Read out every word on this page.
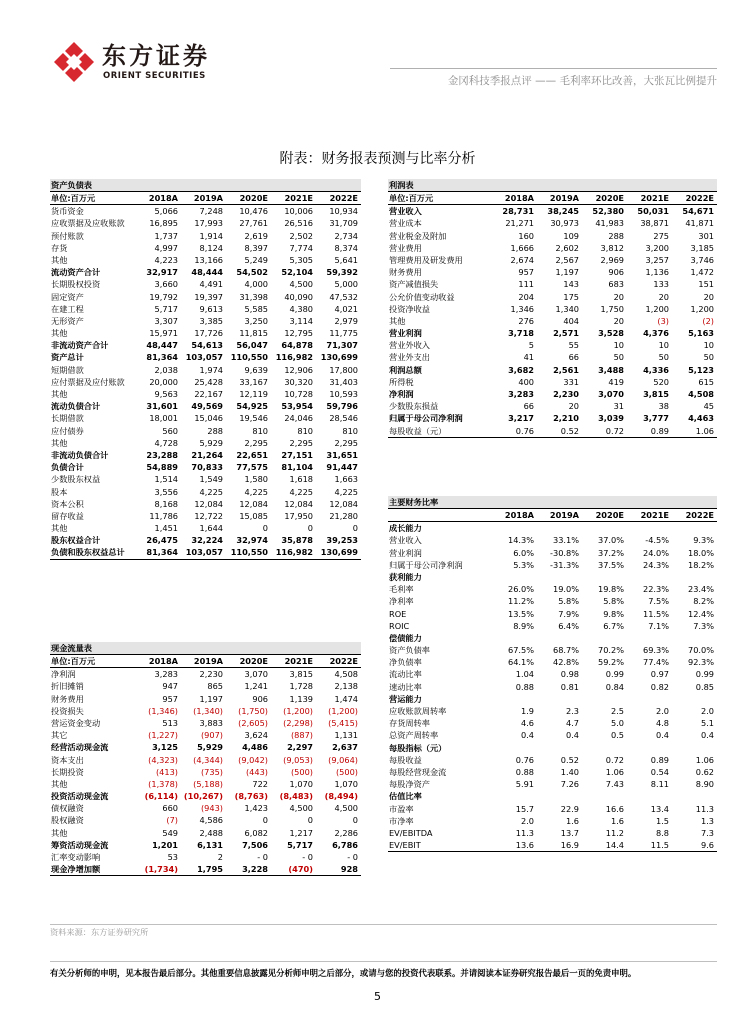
东方证券
ORIENT SECURITIES	金冈科技季报点评 —— 毛利率环比改善，大张瓦比例提升
附表：财务报表预测与比率分析
资产负债表
单位:百万元	2018A	2019A	2020E	2021E	2022E
货币资金	5,066	7,248	10,476	10,006	10,934
应收票据及应收账款	16,895	17,993	27,761	26,516	31,709
预付账款	1,737	1,914	2,619	2,502	2,734
存货	4,997	8,124	8,397	7,774	8,374
其他	4,223	13,166	5,249	5,305	5,641
流动资产合计	32,917	48,444	54,502	52,104	59,392
长期股权投资	3,660	4,491	4,000	4,500	5,000
固定资产	19,792	19,397	31,398	40,090	47,532
在建工程	5,717	9,613	5,585	4,380	4,021
无形资产	3,307	3,385	3,250	3,114	2,979
其他	15,971	17,726	11,815	12,795	11,775
非流动资产合计	48,447	54,613	56,047	64,878	71,307
资产总计	81,364	103,057	110,550	116,982	130,699
短期借款	2,038	1,974	9,639	12,906	17,800
应付票据及应付账款	20,000	25,428	33,167	30,320	31,403
其他	9,563	22,167	12,119	10,728	10,593
流动负债合计	31,601	49,569	54,925	53,954	59,796
长期借款	18,001	15,046	19,546	24,046	28,546
应付债券	560	288	810	810	810
其他	4,728	5,929	2,295	2,295	2,295
非流动负债合计	23,288	21,264	22,651	27,151	31,651
负债合计	54,889	70,833	77,575	81,104	91,447
少数股东权益	1,514	1,549	1,580	1,618	1,663
股本	3,556	4,225	4,225	4,225	4,225
资本公积	8,168	12,084	12,084	12,084	12,084
留存收益	11,786	12,722	15,085	17,950	21,280
其他	1,451	1,644	0	0	0
股东权益合计	26,475	32,224	32,974	35,878	39,253
负债和股东权益总计	81,364	103,057	110,550	116,982	130,699
现金流量表
单位:百万元	2018A	2019A	2020E	2021E	2022E
净利润	3,283	2,230	3,070	3,815	4,508
折旧摊销	947	865	1,241	1,728	2,138
财务费用	957	1,197	906	1,139	1,474
投资损失	(1,346)	(1,340)	(1,750)	(1,200)	(1,200)
营运资金变动	513	3,883	(2,605)	(2,298)	(5,415)
其它	(1,227)	(907)	3,624	(887)	1,131
经营活动现金流	3,125	5,929	4,486	2,297	2,637
资本支出	(4,323)	(4,344)	(9,042)	(9,053)	(9,064)
长期投资	(413)	(735)	(443)	(500)	(500)
其他	(1,378)	(5,188)	722	1,070	1,070
投资活动现金流	(6,114)	(10,267)	(8,763)	(8,483)	(8,494)
债权融资	660	(943)	1,423	4,500	4,500
股权融资	(7)	4,586	0	0	0
其他	549	2,488	6,082	1,217	2,286
筹资活动现金流	1,201	6,131	7,506	5,717	6,786
汇率变动影响	53	2	- 0	- 0	- 0
现金净增加额	(1,734)	1,795	3,228	(470)	928
利润表
单位:百万元	2018A	2019A	2020E	2021E	2022E
营业收入	28,731	38,245	52,380	50,031	54,671
营业成本	21,271	30,973	41,983	38,871	41,871
营业税金及附加	160	109	288	275	301
营业费用	1,666	2,602	3,812	3,200	3,185
管理费用及研发费用	2,674	2,567	2,969	3,257	3,746
财务费用	957	1,197	906	1,136	1,472
资产减值损失	111	143	683	133	151
公允价值变动收益	204	175	20	20	20
投资净收益	1,346	1,340	1,750	1,200	1,200
其他	276	404	20	(3)	(2)
营业利润	3,718	2,571	3,528	4,376	5,163
营业外收入	5	55	10	10	10
营业外支出	41	66	50	50	50
利润总额	3,682	2,561	3,488	4,336	5,123
所得税	400	331	419	520	615
净利润	3,283	2,230	3,070	3,815	4,508
少数股东损益	66	20	31	38	45
归属于母公司净利润	3,217	2,210	3,039	3,777	4,463
每股收益（元）	0.76	0.52	0.72	0.89	1.06
主要财务比率
	2018A	2019A	2020E	2021E	2022E
成长能力					
营业收入	14.3%	33.1%	37.0%	-4.5%	9.3%
营业利润	6.0%	-30.8%	37.2%	24.0%	18.0%
归属于母公司净利润	5.3%	-31.3%	37.5%	24.3%	18.2%
获利能力					
毛利率	26.0%	19.0%	19.8%	22.3%	23.4%
净利率	11.2%	5.8%	5.8%	7.5%	8.2%
ROE	13.5%	7.9%	9.8%	11.5%	12.4%
ROIC	8.9%	6.4%	6.7%	7.1%	7.3%
偿债能力					
资产负债率	67.5%	68.7%	70.2%	69.3%	70.0%
净负债率	64.1%	42.8%	59.2%	77.4%	92.3%
流动比率	1.04	0.98	0.99	0.97	0.99
速动比率	0.88	0.81	0.84	0.82	0.85
营运能力					
应收账款周转率	1.9	2.3	2.5	2.0	2.0
存货周转率	4.6	4.7	5.0	4.8	5.1
总资产周转率	0.4	0.4	0.5	0.4	0.4
每股指标（元）					
每股收益	0.76	0.52	0.72	0.89	1.06
每股经营现金流	0.88	1.40	1.06	0.54	0.62
每股净资产	5.91	7.26	7.43	8.11	8.90
估值比率					
市盈率	15.7	22.9	16.6	13.4	11.3
市净率	2.0	1.6	1.6	1.5	1.3
EV/EBITDA	11.3	13.7	11.2	8.8	7.3
EV/EBIT	13.6	16.9	14.4	11.5	9.6
资料来源：东方证券研究所
有关分析师的申明，见本报告最后部分。其他重要信息披露见分析师申明之后部分，或请与您的投资代表联系。并请阅读本证券研究报告最后一页的免责申明。
5
